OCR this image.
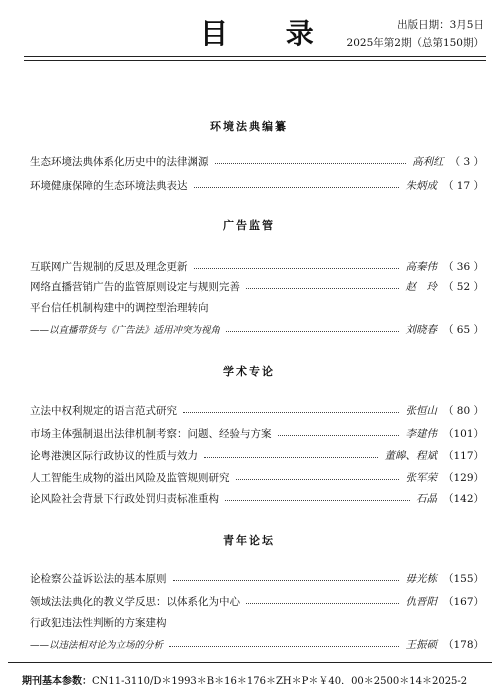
目 录	出版日期：3月5日
2025年第2期（总第150期）
环境法典编纂
生态环境法典体系化历史中的法律渊源	高利红 （ 3 ）
环境健康保障的生态环境法典表达	朱炳成 （ 17 ）
广告监管
互联网广告规制的反思及理念更新	高秦伟 （ 36 ）
网络直播营销广告的监管原则设定与规则完善	赵　玲 （ 52 ）
平台信任机制构建中的调控型治理转向
——以直播带货与《广告法》适用冲突为视角	刘晓春 （ 65 ）
学术专论
立法中权利规定的语言范式研究	张恒山 （ 80 ）
市场主体强制退出法律机制考察：问题、经验与方案	李建伟 （101）
论粤港澳区际行政协议的性质与效力	董皞、程斌 （117）
人工智能生成物的溢出风险及监管规则研究	张军荣 （129）
论风险社会背景下行政处罚归责标准重构	石晶 （142）
青年论坛
论检察公益诉讼法的基本原则	毋光栋 （155）
领域法法典化的教义学反思：以体系化为中心	仇晋阳 （167）
行政犯违法性判断的方案建构
——以违法相对论为立场的分析	王振硕 （178）
期刊基本参数：CN11-3110/D＊1993＊B＊16＊176＊ZH＊P＊￥40．00＊2500＊14＊2025-2
